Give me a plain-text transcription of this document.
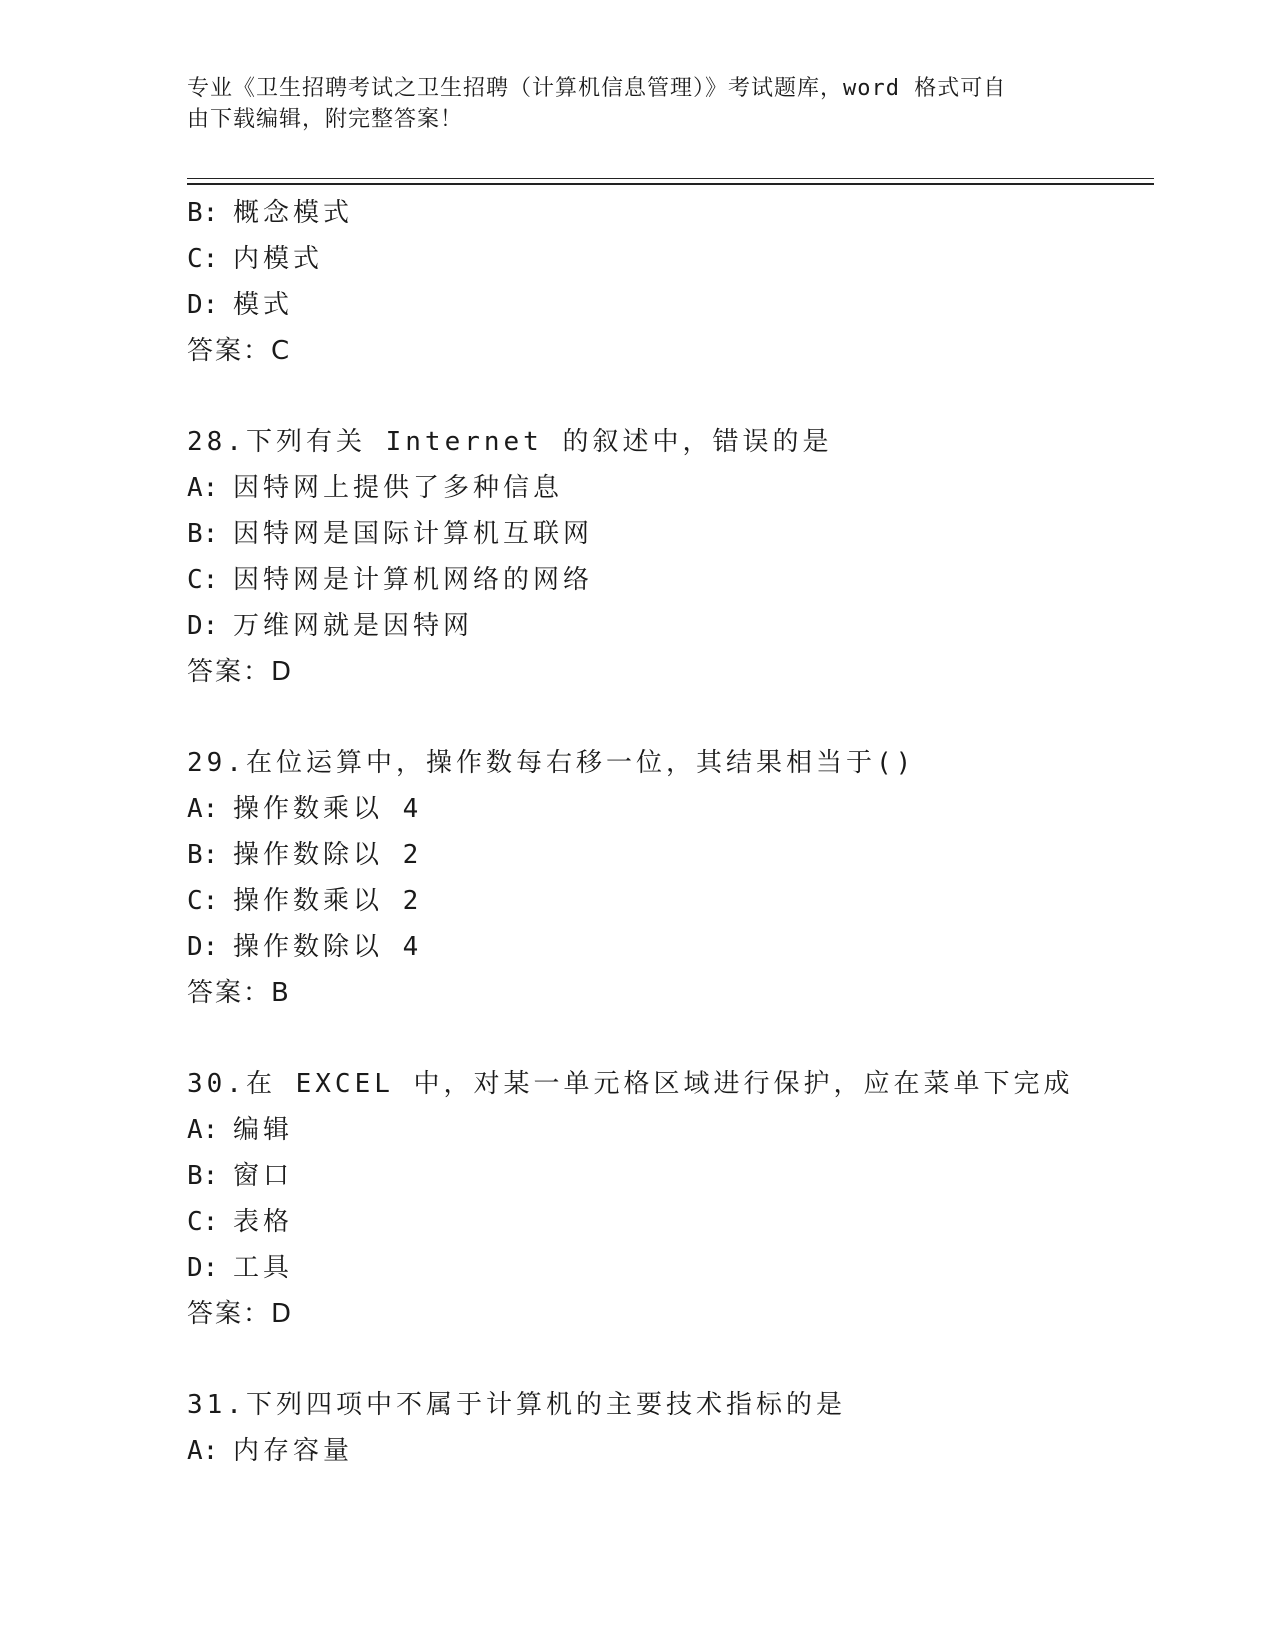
专业《卫生招聘考试之卫生招聘（计算机信息管理）》考试题库，word 格式可自
由下载编辑，附完整答案！
B: 概念模式
C: 内模式
D: 模式
答案：C
28.下列有关 Internet 的叙述中，错误的是
A: 因特网上提供了多种信息
B: 因特网是国际计算机互联网
C: 因特网是计算机网络的网络
D: 万维网就是因特网
答案：D
29.在位运算中，操作数每右移一位，其结果相当于()
A: 操作数乘以 4
B: 操作数除以 2
C: 操作数乘以 2
D: 操作数除以 4
答案：B
30.在 EXCEL 中，对某一单元格区域进行保护，应在菜单下完成
A: 编辑
B: 窗口
C: 表格
D: 工具
答案：D
31.下列四项中不属于计算机的主要技术指标的是
A: 内存容量
